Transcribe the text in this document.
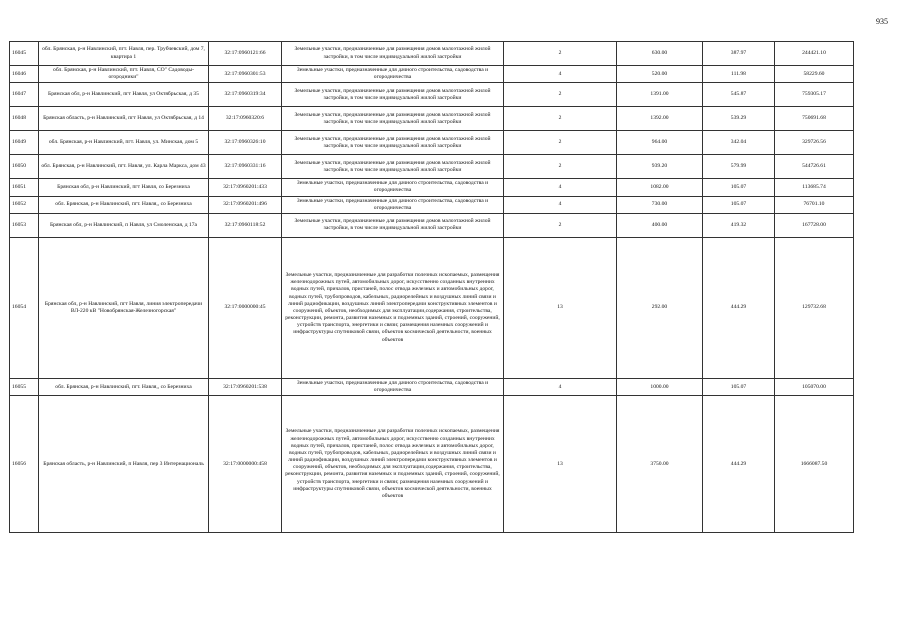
935
16045	обл. Брянская, р-н Навлинский, пгт. Навля, пер. Трубчевский, дом 7, квартира 1	32:17:0960121:66	Земельные участки, предназначенные для размещения домов малоэтажной жилой застройки, в том числе индивидуальной жилой застройки	2	630.00	387.97	244421.10
16046	обл. Брянская, р-н Навлинский, пгт. Навля, СО" Садоводы-огородники"	32:17:0960301:53	Земельные участки, предназначенные для дачного строительства, садоводства и огородничества	4	520.00	111.98	58229.60
16047	Брянская обл, р-н Навлинский, пгт Навля, ул Октябрьская, д 35	32:17:0960319:34	Земельные участки, предназначенные для размещения домов малоэтажной жилой застройки, в том числе индивидуальной жилой застройки	2	1391.00	545.87	759305.17
16048	Брянская область, р-н Навлинский, пгт Навля, ул Октябрьская, д 14	32:17:0960320:6	Земельные участки, предназначенные для размещения домов малоэтажной жилой застройки, в том числе индивидуальной жилой застройки	2	1392.00	539.29	750691.68
16049	обл. Брянская, р-н Навлинский, пгт. Навля, ул. Минская, дом 5	32:17:0960326:10	Земельные участки, предназначенные для размещения домов малоэтажной жилой застройки, в том числе индивидуальной жилой застройки	2	964.00	342.04	329726.56
16050	обл. Брянская, р-н Навлинский, пгт. Навля, ул. Карла Маркса, дом 43	32:17:0960331:16	Земельные участки, предназначенные для размещения домов малоэтажной жилой застройки, в том числе индивидуальной жилой застройки	2	939.20	579.99	544726.61
16051	Брянская обл, р-н Навлинский, пгт Навля, со Березниха	32:17:0960201:433	Земельные участки, предназначенные для дачного строительства, садоводства и огородничества	4	1082.00	105.07	113685.74
16052	обл. Брянская, р-н Навлинский, пгт. Навля,, со Березниха	32:17:0960201:496	Земельные участки, предназначенные для дачного строительства, садоводства и огородничества	4	730.00	105.07	76701.10
16053	Брянская обл, р-н Навлинский, п Навля, ул Смоленская, д 17а	32:17:0960118:52	Земельные участки, предназначенные для размещения домов малоэтажной жилой застройки, в том числе индивидуальной жилой застройки	2	400.00	419.32	167728.00
16054	Брянская обл, р-н Навлинский, пгт Навля, линия электропередачи ВЛ-220 кВ "Новобрянская-Железногорская"	32:17:0000000:45	Земельные участки, предназначенные для разработки полезных ископаемых, размещения железнодорожных путей, автомобильных дорог, искусственно созданных внутренних водных путей, причалов, пристаней, полос отвода железных и автомобильных дорог, водных путей, трубопроводов, кабельных, радиорелейных и воздушных линий связи и линий радиофикации, воздушных линий электропередачи конструктивных элементов и сооружений, объектов, необходимых для эксплуатации,содержания, строительства, реконструкции, ремонта, развития наземных и подземных зданий, строений, сооружений, устройств транспорта, энергетики и связи; размещения наземных сооружений и инфраструктуры спутниковой связи, объектов космической деятельности, военных объектов	13	292.00	444.29	129732.68
16055	обл. Брянская, р-н Навлинский, пгт. Навля,, со Березниха	32:17:0960201:538	Земельные участки, предназначенные для дачного строительства, садоводства и огородничества	4	1000.00	105.07	105070.00
16056	Брянская область, р-н Навлинский, п Навля, пер 3 Интернациональ	32:17:0000000:458	Земельные участки, предназначенные для разработки полезных ископаемых, размещения железнодорожных путей, автомобильных дорог, искусственно созданных внутренних водных путей, причалов, пристаней, полос отвода железных и автомобильных дорог, водных путей, трубопроводов, кабельных, радиорелейных и воздушных линий связи и линий радиофикации, воздушных линий электропередачи конструктивных элементов и сооружений, объектов, необходимых для эксплуатации,содержания, строительства, реконструкции, ремонта, развития наземных и подземных зданий, строений, сооружений, устройств транспорта, энергетики и связи; размещения наземных сооружений и инфраструктуры спутниковой связи, объектов космической деятельности, военных объектов	13	3750.00	444.29	1666087.50
